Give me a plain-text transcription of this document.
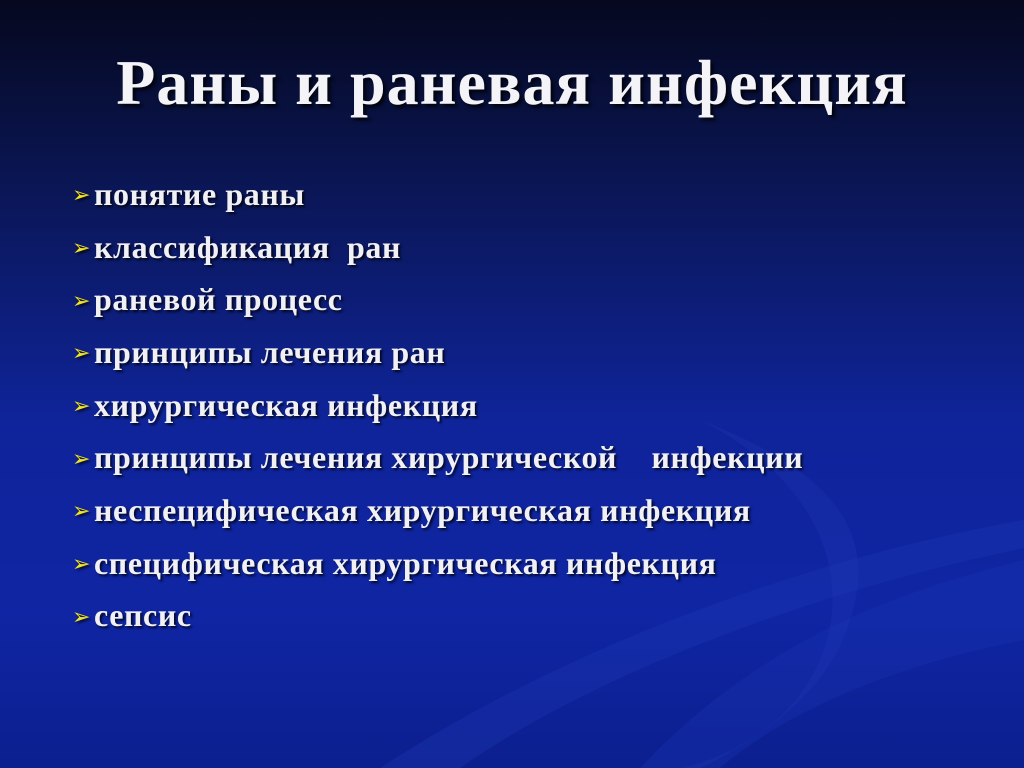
Раны и раневая инфекция
➢ понятие раны
➢ классификация  ран
➢ раневой процесс
➢ принципы лечения ран
➢ хирургическая инфекция
➢ принципы лечения хирургической    инфекции
➢ неспецифическая хирургическая инфекция
➢ специфическая хирургическая инфекция
➢ сепсис
